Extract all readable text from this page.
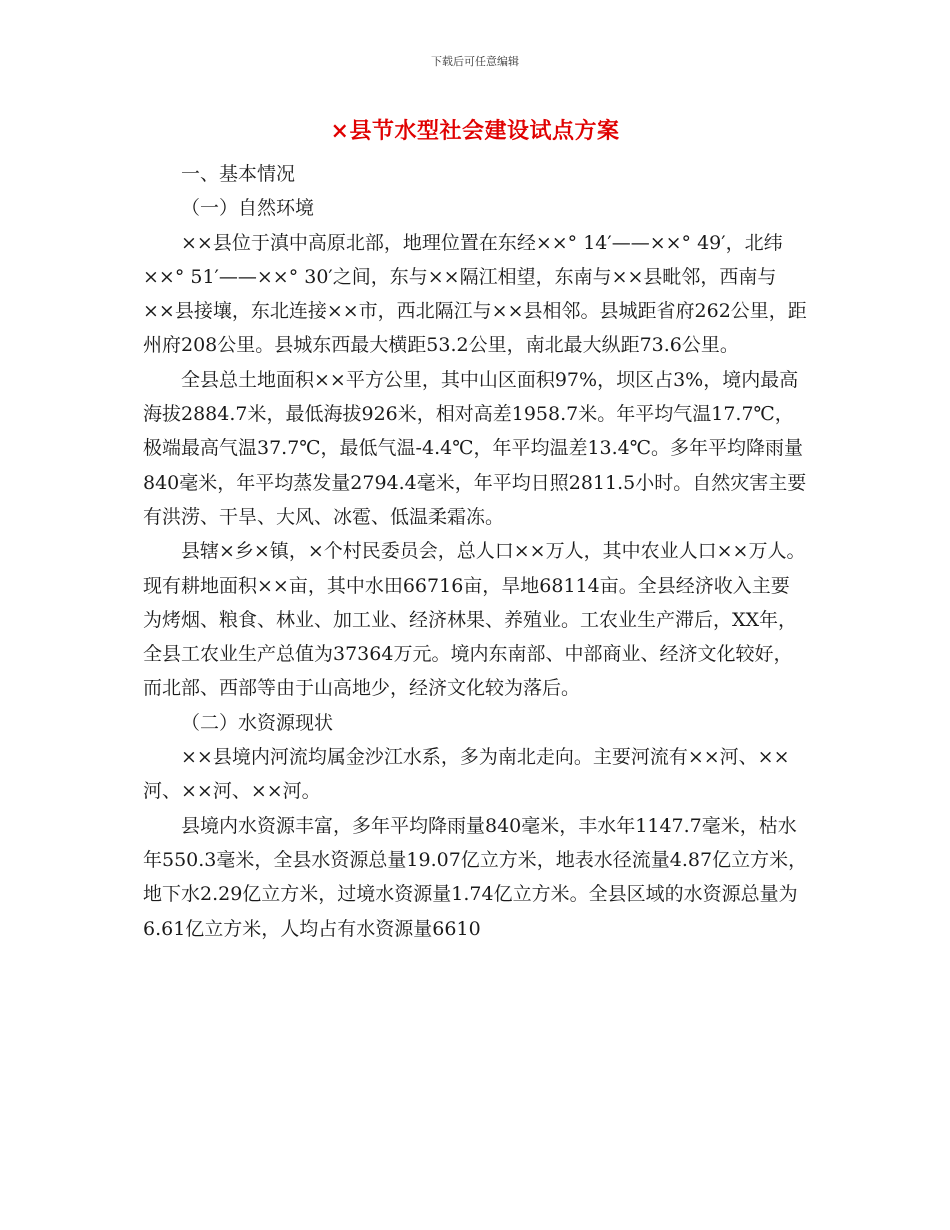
下载后可任意编辑
×县节水型社会建设试点方案

一、基本情况

（一）自然环境

××县位于滇中高原北部，地理位置在东经××° 14′——××° 49′，北纬××° 51′——××° 30′之间，东与××隔江相望，东南与××县毗邻，西南与××县接壤，东北连接××市，西北隔江与××县相邻。县城距省府262公里，距州府208公里。县城东西最大横距53.2公里，南北最大纵距73.6公里。

全县总土地面积××平方公里，其中山区面积97%，坝区占3%，境内最高海拔2884.7米，最低海拔926米，相对高差1958.7米。年平均气温17.7℃，极端最高气温37.7℃，最低气温-4.4℃，年平均温差13.4℃。多年平均降雨量840毫米，年平均蒸发量2794.4毫米，年平均日照2811.5小时。自然灾害主要有洪涝、干旱、大风、冰雹、低温柔霜冻。

县辖×乡×镇，×个村民委员会，总人口××万人，其中农业人口××万人。现有耕地面积××亩，其中水田66716亩，旱地68114亩。全县经济收入主要为烤烟、粮食、林业、加工业、经济林果、养殖业。工农业生产滞后，XX年，全县工农业生产总值为37364万元。境内东南部、中部商业、经济文化较好，而北部、西部等由于山高地少，经济文化较为落后。

（二）水资源现状

××县境内河流均属金沙江水系，多为南北走向。主要河流有××河、××河、××河、××河。

县境内水资源丰富，多年平均降雨量840毫米，丰水年1147.7毫米，枯水年550.3毫米，全县水资源总量19.07亿立方米，地表水径流量4.87亿立方米，地下水2.29亿立方米，过境水资源量1.74亿立方米。全县区域的水资源总量为6.61亿立方米，人均占有水资源量6610
